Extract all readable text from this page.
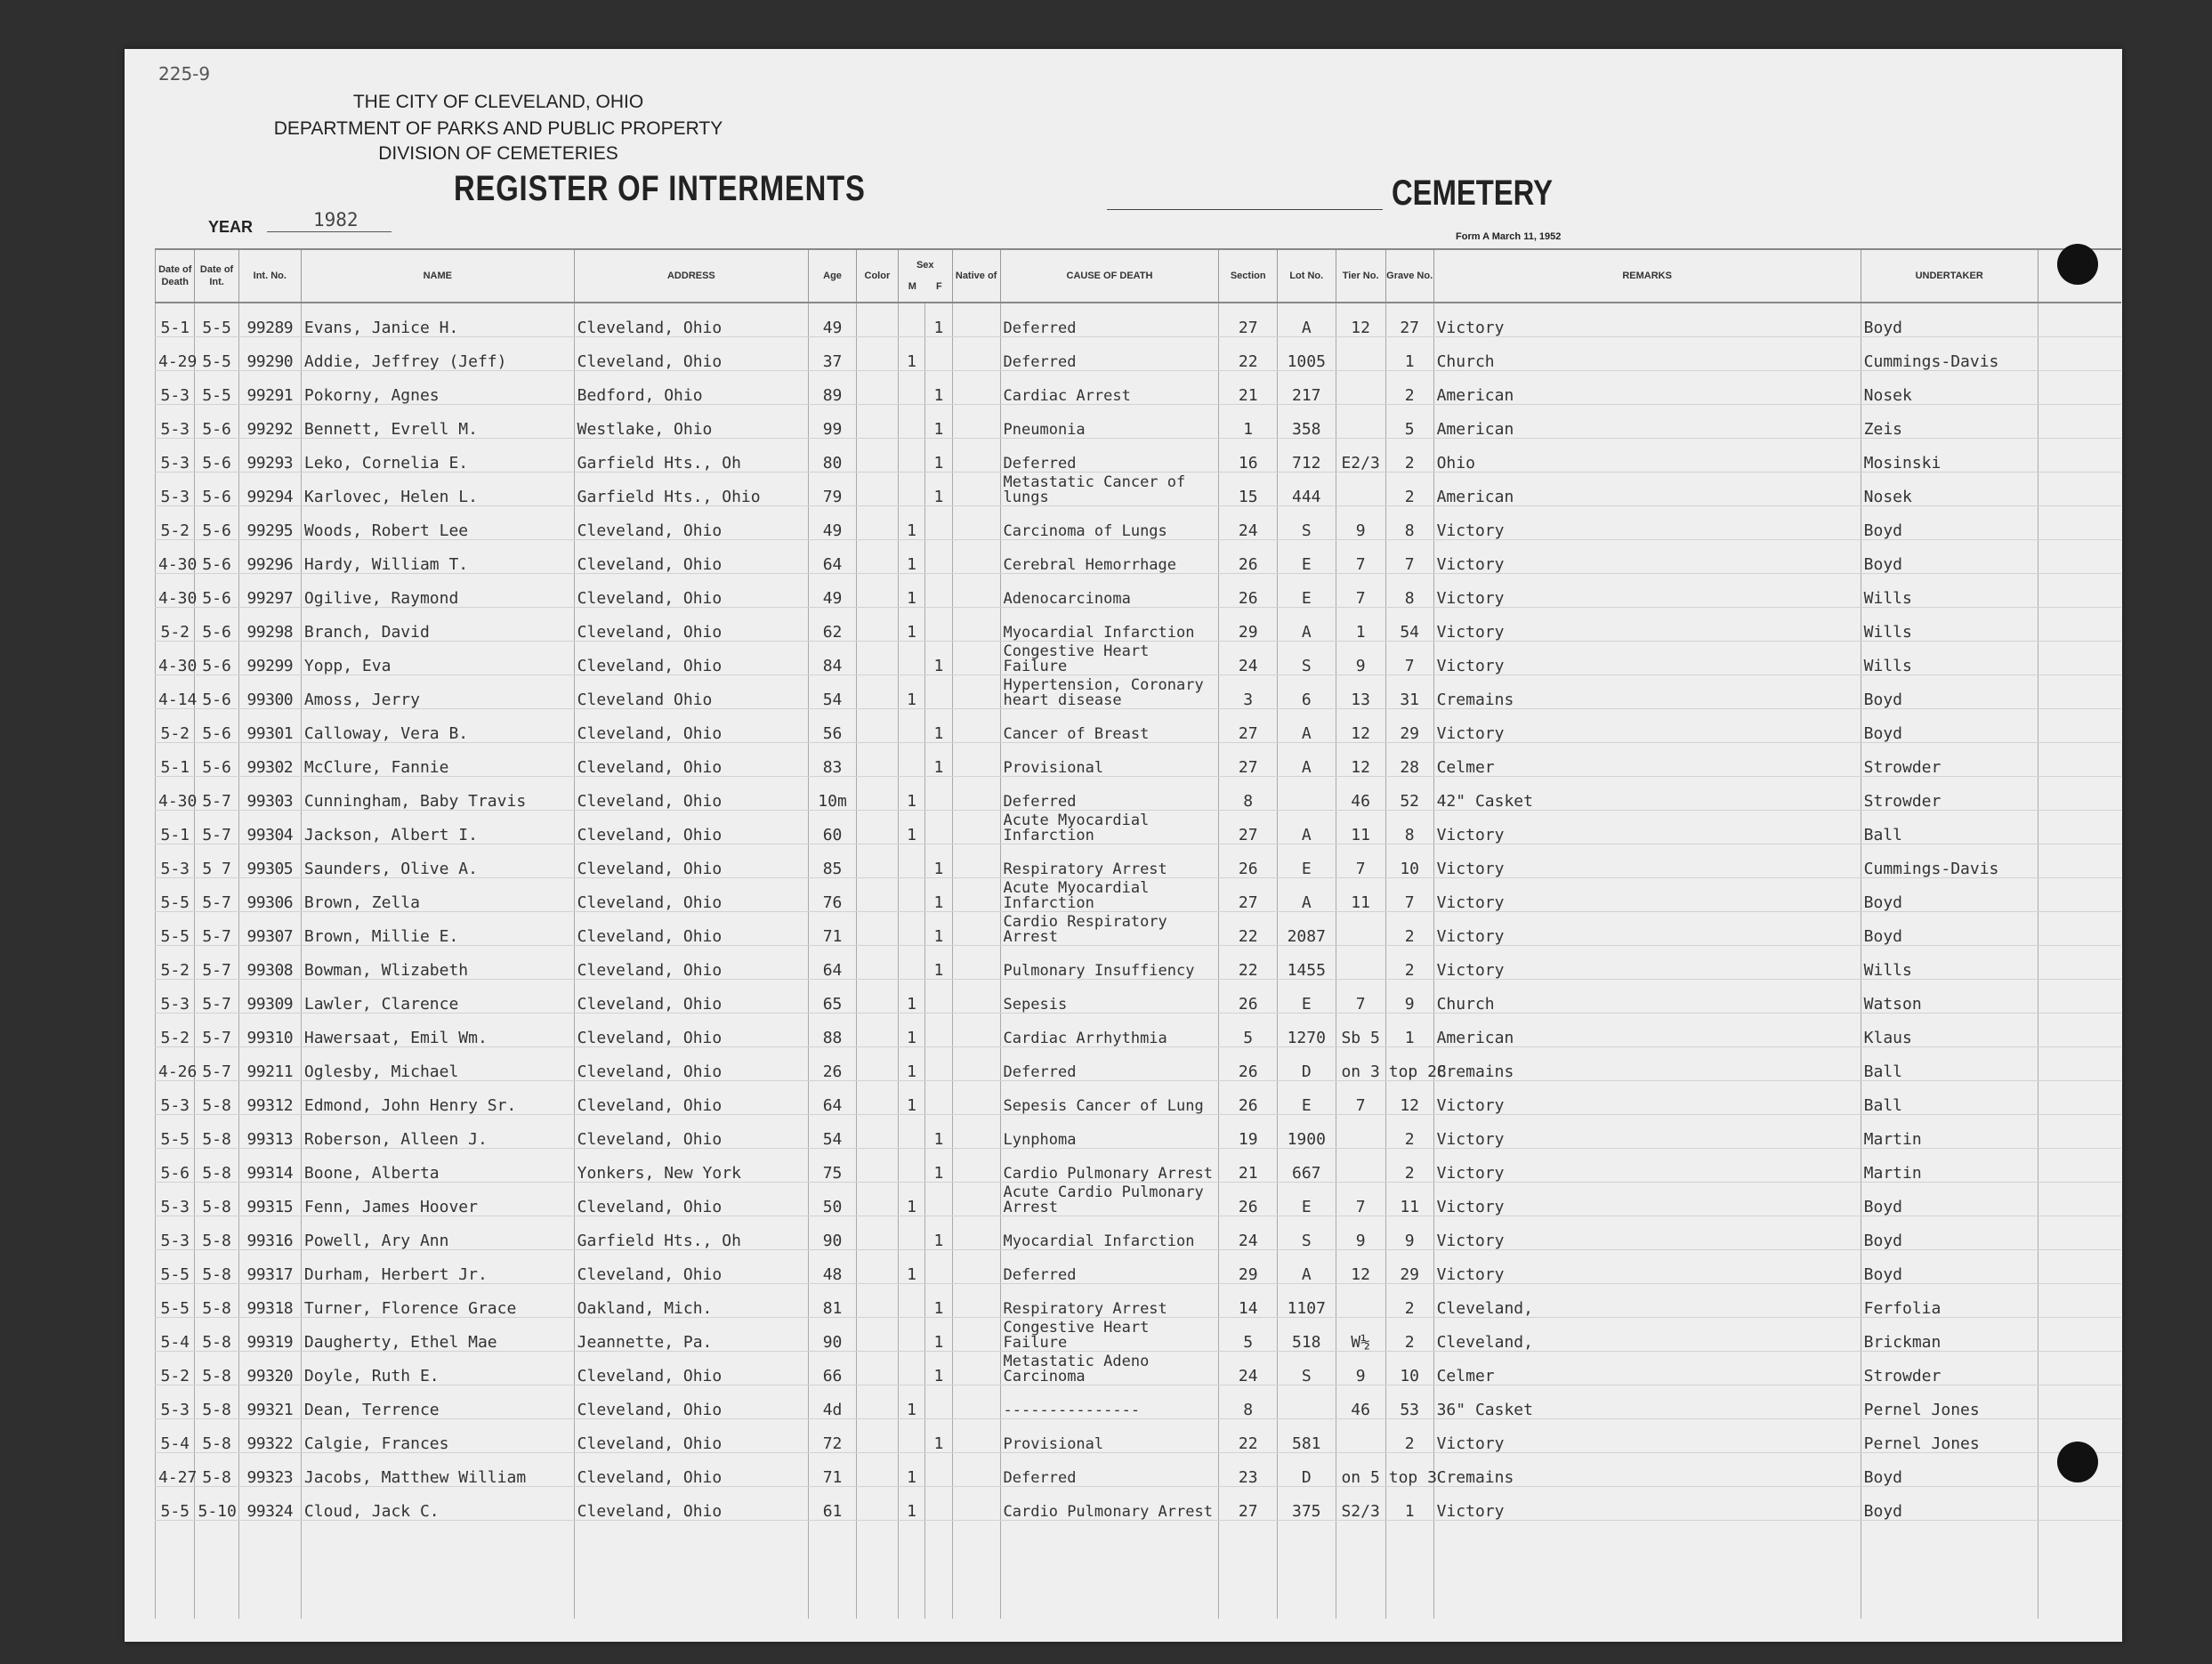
225-9
THE CITY OF CLEVELAND, OHIO
DEPARTMENT OF PARKS AND PUBLIC PROPERTY
DIVISION OF CEMETERIES
REGISTER OF INTERMENTS
YEAR	1982
CEMETERY
Form A March 11, 1952
Date of Death	Date of Int.	Int. No.	NAME	ADDRESS	Age	Color	Sex
M F		Native of	CAUSE OF DEATH	Section	Lot No.	Tier No.	Grave No.	REMARKS	UNDERTAKER	
5-1	5-5	99289	Evans, Janice H.	Cleveland, Ohio	49			1		Deferred	27	A	12	27	Victory	Boyd	
4-29	5-5	99290	Addie, Jeffrey (Jeff)	Cleveland, Ohio	37		1			Deferred	22	1005		1	Church	Cummings-Davis	
5-3	5-5	99291	Pokorny, Agnes	Bedford, Ohio	89			1		Cardiac Arrest	21	217		2	American	Nosek	
5-3	5-6	99292	Bennett, Evrell M.	Westlake, Ohio	99			1		Pneumonia	1	358		5	American	Zeis	
5-3	5-6	99293	Leko, Cornelia E.	Garfield Hts., Oh	80			1		Deferred	16	712	E2/3	2	Ohio	Mosinski	
5-3	5-6	99294	Karlovec, Helen L.	Garfield Hts., Ohio	79			1		Metastatic Cancer of lungs	15	444		2	American	Nosek	
5-2	5-6	99295	Woods, Robert Lee	Cleveland, Ohio	49		1			Carcinoma of Lungs	24	S	9	8	Victory	Boyd	
4-30	5-6	99296	Hardy, William T.	Cleveland, Ohio	64		1			Cerebral Hemorrhage	26	E	7	7	Victory	Boyd	
4-30	5-6	99297	Ogilive, Raymond	Cleveland, Ohio	49		1			Adenocarcinoma	26	E	7	8	Victory	Wills	
5-2	5-6	99298	Branch, David	Cleveland, Ohio	62		1			Myocardial Infarction	29	A	1	54	Victory	Wills	
4-30	5-6	99299	Yopp, Eva	Cleveland, Ohio	84			1		Congestive Heart Failure	24	S	9	7	Victory	Wills	
4-14	5-6	99300	Amoss, Jerry	Cleveland Ohio	54		1			Hypertension, Coronary heart disease	3	6	13	31	Cremains	Boyd	
5-2	5-6	99301	Calloway, Vera B.	Cleveland, Ohio	56			1		Cancer of Breast	27	A	12	29	Victory	Boyd	
5-1	5-6	99302	McClure, Fannie	Cleveland, Ohio	83			1		Provisional	27	A	12	28	Celmer	Strowder	
4-30	5-7	99303	Cunningham, Baby Travis	Cleveland, Ohio	10m		1			Deferred	8		46	52	42" Casket	Strowder	
5-1	5-7	99304	Jackson, Albert I.	Cleveland, Ohio	60		1			Acute Myocardial Infarction	27	A	11	8	Victory	Ball	
5-3	5 7	99305	Saunders, Olive A.	Cleveland, Ohio	85			1		Respiratory Arrest	26	E	7	10	Victory	Cummings-Davis	
5-5	5-7	99306	Brown, Zella	Cleveland, Ohio	76			1		Acute Myocardial Infarction	27	A	11	7	Victory	Boyd	
5-5	5-7	99307	Brown, Millie E.	Cleveland, Ohio	71			1		Cardio Respiratory Arrest	22	2087		2	Victory	Boyd	
5-2	5-7	99308	Bowman, Wlizabeth	Cleveland, Ohio	64			1		Pulmonary Insuffiency	22	1455		2	Victory	Wills	
5-3	5-7	99309	Lawler, Clarence	Cleveland, Ohio	65		1			Sepesis	26	E	7	9	Church	Watson	
5-2	5-7	99310	Hawersaat, Emil Wm.	Cleveland, Ohio	88		1			Cardiac Arrhythmia	5	1270	Sb 5	1	American	Klaus	
4-26	5-7	99211	Oglesby, Michael	Cleveland, Ohio	26		1			Deferred	26	D	on 3	top 28	Cremains	Ball	
5-3	5-8	99312	Edmond, John Henry Sr.	Cleveland, Ohio	64		1			Sepesis Cancer of Lung	26	E	7	12	Victory	Ball	
5-5	5-8	99313	Roberson, Alleen J.	Cleveland, Ohio	54			1		Lynphoma	19	1900		2	Victory	Martin	
5-6	5-8	99314	Boone, Alberta	Yonkers, New York	75			1		Cardio Pulmonary Arrest	21	667		2	Victory	Martin	
5-3	5-8	99315	Fenn, James Hoover	Cleveland, Ohio	50		1			Acute Cardio Pulmonary Arrest	26	E	7	11	Victory	Boyd	
5-3	5-8	99316	Powell, Ary Ann	Garfield Hts., Oh	90			1		Myocardial Infarction	24	S	9	9	Victory	Boyd	
5-5	5-8	99317	Durham, Herbert Jr.	Cleveland, Ohio	48		1			Deferred	29	A	12	29	Victory	Boyd	
5-5	5-8	99318	Turner, Florence Grace	Oakland, Mich.	81			1		Respiratory Arrest	14	1107		2	Cleveland,	Ferfolia	
5-4	5-8	99319	Daugherty, Ethel Mae	Jeannette, Pa.	90			1		Congestive Heart Failure	5	518	W½	2	Cleveland,	Brickman	
5-2	5-8	99320	Doyle, Ruth E.	Cleveland, Ohio	66			1		Metastatic Adeno Carcinoma	24	S	9	10	Celmer	Strowder	
5-3	5-8	99321	Dean, Terrence	Cleveland, Ohio	4d		1			---------------	8		46	53	36" Casket	Pernel Jones	
5-4	5-8	99322	Calgie, Frances	Cleveland, Ohio	72			1		Provisional	22	581		2	Victory	Pernel Jones	
4-27	5-8	99323	Jacobs, Matthew William	Cleveland, Ohio	71		1			Deferred	23	D	on 5	top 3	Cremains	Boyd	
5-5	5-10	99324	Cloud, Jack C.	Cleveland, Ohio	61		1			Cardio Pulmonary Arrest	27	375	S2/3	1	Victory	Boyd	
